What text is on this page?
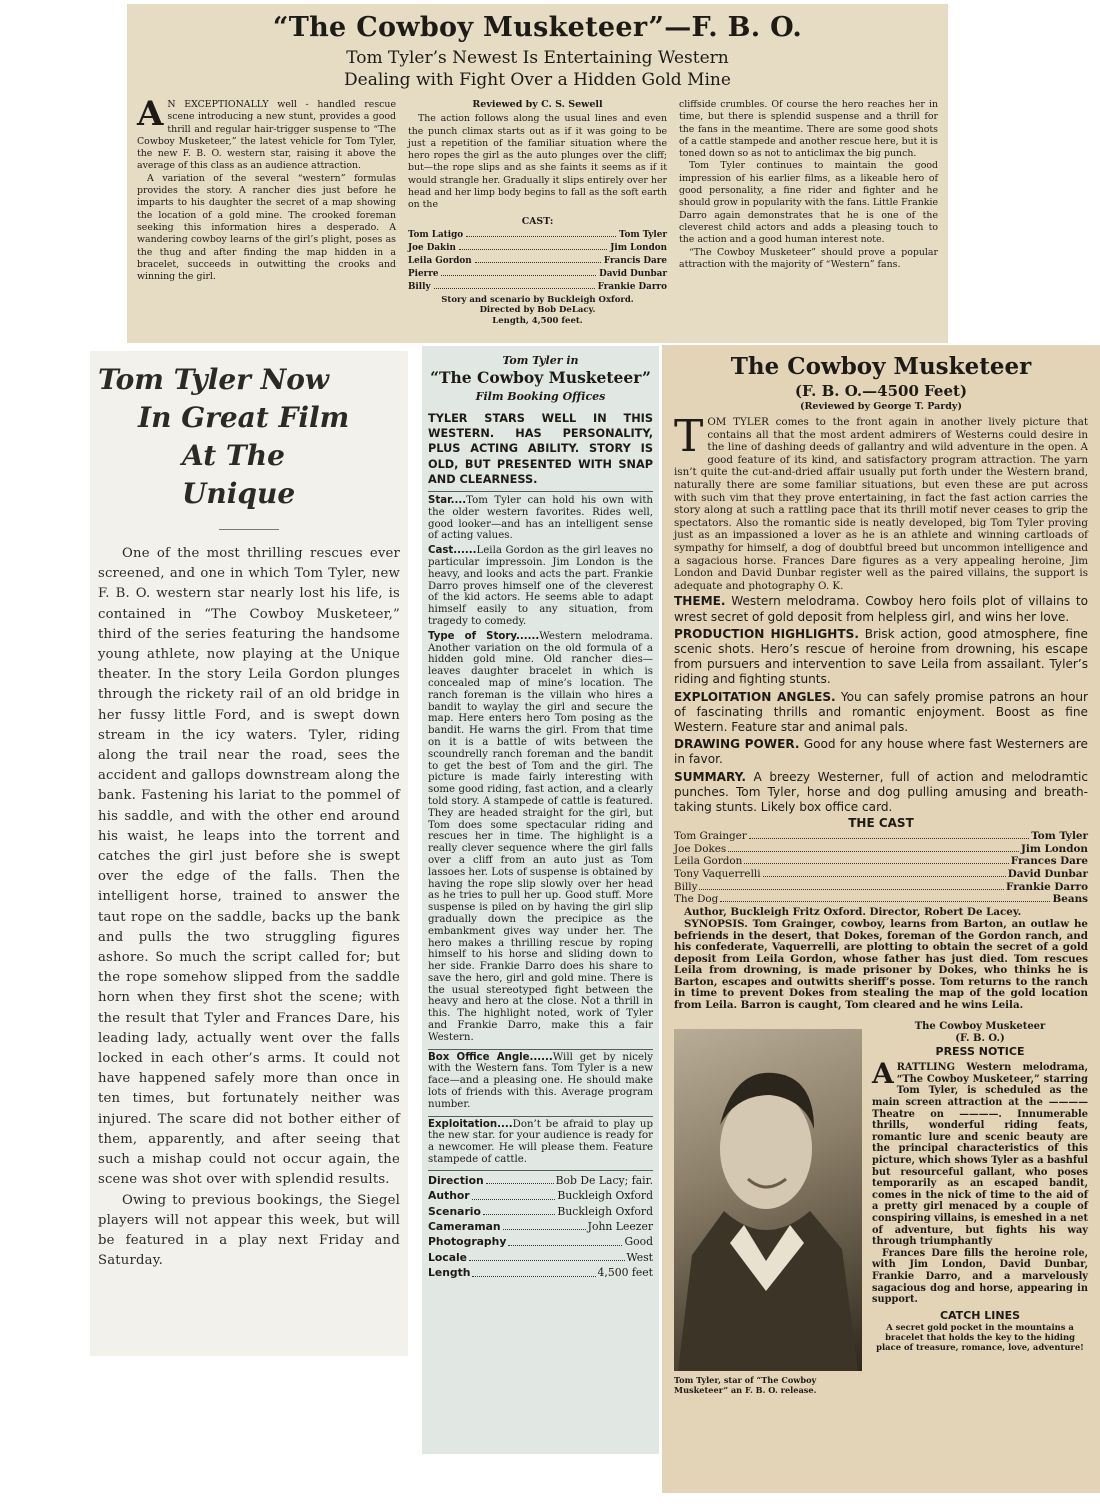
“The Cowboy Musketeer”—F. B. O.
Tom Tyler’s Newest Is Entertaining Western
Dealing with Fight Over a Hidden Gold Mine

A N EXCEPTIONALLY well - handled rescue scene introducing a new stunt, provides a good thrill and regular hair-trigger suspense to “The Cowboy Musketeer,” the latest vehicle for Tom Tyler, the new F. B. O. western star, raising it above the average of this class as an audience attraction.

A variation of the several “western” formulas provides the story. A rancher dies just before he imparts to his daughter the secret of a map showing the location of a gold mine. The crooked foreman seeking this information hires a desperado. A wandering cowboy learns of the girl’s plight, poses as the thug and after finding the map hidden in a bracelet, succeeds in outwitting the crooks and winning the girl.

Reviewed by C. S. Sewell

The action follows along the usual lines and even the punch climax starts out as if it was going to be just a repetition of the familiar situation where the hero ropes the girl as the auto plunges over the cliff; but—the rope slips and as she faints it seems as if it would strangle her. Gradually it slips entirely over her head and her limp body begins to fall as the soft earth on the

CAST:
Tom Latigo	Tom Tyler
Joe Dakin	Jim London
Leila Gordon	Francis Dare
Pierre	David Dunbar
Billy	Frankie Darro
Story and scenario by Buckleigh Oxford.
Directed by Bob DeLacy.
Length, 4,500 feet.

cliffside crumbles. Of course the hero reaches her in time, but there is splendid suspense and a thrill for the fans in the meantime. There are some good shots of a cattle stampede and another rescue here, but it is toned down so as not to anticlimax the big punch.

Tom Tyler continues to maintain the good impression of his earlier films, as a likeable hero of good personality, a fine rider and fighter and he should grow in popularity with the fans. Little Frankie Darro again demonstrates that he is one of the cleverest child actors and adds a pleasing touch to the action and a good human interest note.

“The Cowboy Musketeer” should prove a popular attraction with the majority of “Western” fans.

Tom Tyler Now
In Great Film
At The Unique

One of the most thrilling rescues ever screened, and one in which Tom Tyler, new F. B. O. western star nearly lost his life, is contained in “The Cowboy Musketeer,” third of the series featuring the handsome young athlete, now playing at the Unique theater. In the story Leila Gordon plunges through the rickety rail of an old bridge in her fussy little Ford, and is swept down stream in the icy waters. Tyler, riding along the trail near the road, sees the accident and gallops downstream along the bank. Fastening his lariat to the pommel of his saddle, and with the other end around his waist, he leaps into the torrent and catches the girl just before she is swept over the edge of the falls. Then the intelligent horse, trained to answer the taut rope on the saddle, backs up the bank and pulls the two struggling figures ashore. So much the script called for; but the rope somehow slipped from the saddle horn when they first shot the scene; with the result that Tyler and Frances Dare, his leading lady, actually went over the falls locked in each other’s arms. It could not have happened safely more than once in ten times, but fortunately neither was injured. The scare did not bother either of them, apparently, and after seeing that such a mishap could not occur again, the scene was shot over with splendid results.

Owing to previous bookings, the Siegel players will not appear this week, but will be featured in a play next Friday and Saturday.

Tom Tyler in
“The Cowboy Musketeer”
Film Booking Offices
TYLER STARS WELL IN THIS WESTERN. HAS PERSONALITY, PLUS ACTING ABILITY. STORY IS OLD, BUT PRESENTED WITH SNAP AND CLEARNESS.
Star....Tom Tyler can hold his own with the older western favorites. Rides well, good looker—and has an intelligent sense of acting values.
Cast......Leila Gordon as the girl leaves no particular impressoin. Jim London is the heavy, and looks and acts the part. Frankie Darro proves himself one of the cleverest of the kid actors. He seems able to adapt himself easily to any situation, from tragedy to comedy.
Type of Story......Western melodrama. Another variation on the old formula of a hidden gold mine. Old rancher dies—leaves daughter bracelet in which is concealed map of mine’s location. The ranch foreman is the villain who hires a bandit to waylay the girl and secure the map. Here enters hero Tom posing as the bandit. He warns the girl. From that time on it is a battle of wits between the scoundrelly ranch foreman and the bandit to get the best of Tom and the girl. The picture is made fairly interesting with some good riding, fast action, and a clearly told story. A stampede of cattle is featured. They are headed straight for the girl, but Tom does some spectacular riding and rescues her in time. The highlight is a really clever sequence where the girl falls over a cliff from an auto just as Tom lassoes her. Lots of suspense is obtained by having the rope slip slowly over her head as he tries to pull her up. Good stuff. More suspense is piled on by having the girl slip gradually down the precipice as the embankment gives way under her. The hero makes a thrilling rescue by roping himself to his horse and sliding down to her side. Frankie Darro does his share to save the hero, girl and gold mine. There is the usual stereotyped fight between the heavy and hero at the close. Not a thrill in this. The highlight noted, work of Tyler and Frankie Darro, make this a fair Western.
Box Office Angle......Will get by nicely with the Western fans. Tom Tyler is a new face—and a pleasing one. He should make lots of friends with this. Average program number.
Exploitation....Don’t be afraid to play up the new star. for your audience is ready for a newcomer. He will please them. Feature stampede of cattle.
Direction	Bob De Lacy; fair.
Author	Buckleigh Oxford
Scenario	Buckleigh Oxford
Cameraman	John Leezer
Photography	Good
Locale	West
Length	4,500 feet
The Cowboy Musketeer
(F. B. O.—4500 Feet)
(Reviewed by George T. Pardy)

TOM TYLER comes to the front again in another lively picture that contains all that the most ardent admirers of Westerns could desire in the line of dashing deeds of gallantry and wild adventure in the open. A good feature of its kind, and satisfactory program attraction. The yarn isn’t quite the cut-and-dried affair usually put forth under the Western brand, naturally there are some familiar situations, but even these are put across with such vim that they prove entertaining, in fact the fast action carries the story along at such a rattling pace that its thrill motif never ceases to grip the spectators. Also the romantic side is neatly developed, big Tom Tyler proving just as an impassioned a lover as he is an athlete and winning cartloads of sympathy for himself, a dog of doubtful breed but uncommon intelligence and a sagacious horse. Frances Dare figures as a very appealing heroine, Jim London and David Dunbar register well as the paired villains, the support is adequate and photography O. K.

THEME. Western melodrama. Cowboy hero foils plot of villains to wrest secret of gold deposit from helpless girl, and wins her love.

PRODUCTION HIGHLIGHTS. Brisk action, good atmosphere, fine scenic shots. Hero’s rescue of heroine from drowning, his escape from pursuers and intervention to save Leila from assailant. Tyler’s riding and fighting stunts.

EXPLOITATION ANGLES. You can safely promise patrons an hour of fascinating thrills and romantic enjoyment. Boost as fine Western. Feature star and animal pals.

DRAWING POWER. Good for any house where fast Westerners are in favor.

SUMMARY. A breezy Westerner, full of action and melodramtic punches. Tom Tyler, horse and dog pulling amusing and breath-taking stunts. Likely box office card.

THE CAST
Tom Grainger	Tom Tyler
Joe Dokes	Jim London
Leila Gordon	Frances Dare
Tony Vaquerrelli	David Dunbar
Billy	Frankie Darro
The Dog	Beans

Author, Buckleigh Fritz Oxford. Director, Robert De Lacey.

SYNOPSIS. Tom Grainger, cowboy, learns from Barton, an outlaw he befriends in the desert, that Dokes, foreman of the Gordon ranch, and his confederate, Vaquerrelli, are plotting to obtain the secret of a gold deposit from Leila Gordon, whose father has just died. Tom rescues Leila from drowning, is made prisoner by Dokes, who thinks he is Barton, escapes and outwitts sheriff’s posse. Tom returns to the ranch in time to prevent Dokes from stealing the map of the gold location from Leila. Barron is caught, Tom cleared and he wins Leila.

Tom Tyler, star of “The Cowboy Musketeer” an F. B. O. release.
The Cowboy Musketeer
(F. B. O.)
PRESS NOTICE

ARATTLING Western melodrama, “The Cowboy Musketeer,” starring Tom Tyler, is scheduled as the main screen attraction at the ———— Theatre on ————. Innumerable thrills, wonderful riding feats, romantic lure and scenic beauty are the principal characteristics of this picture, which shows Tyler as a bashful but resourceful gallant, who poses temporarily as an escaped bandit, comes in the nick of time to the aid of a pretty girl menaced by a couple of conspiring villains, is emeshed in a net of adventure, but fights his way through triumphantly

Frances Dare fills the heroine role, with Jim London, David Dunbar, Frankie Darro, and a marvelously sagacious dog and horse, appearing in support.

CATCH LINES
A secret gold pocket in the mountains a bracelet that holds the key to the hiding place of treasure, romance, love, adventure!
